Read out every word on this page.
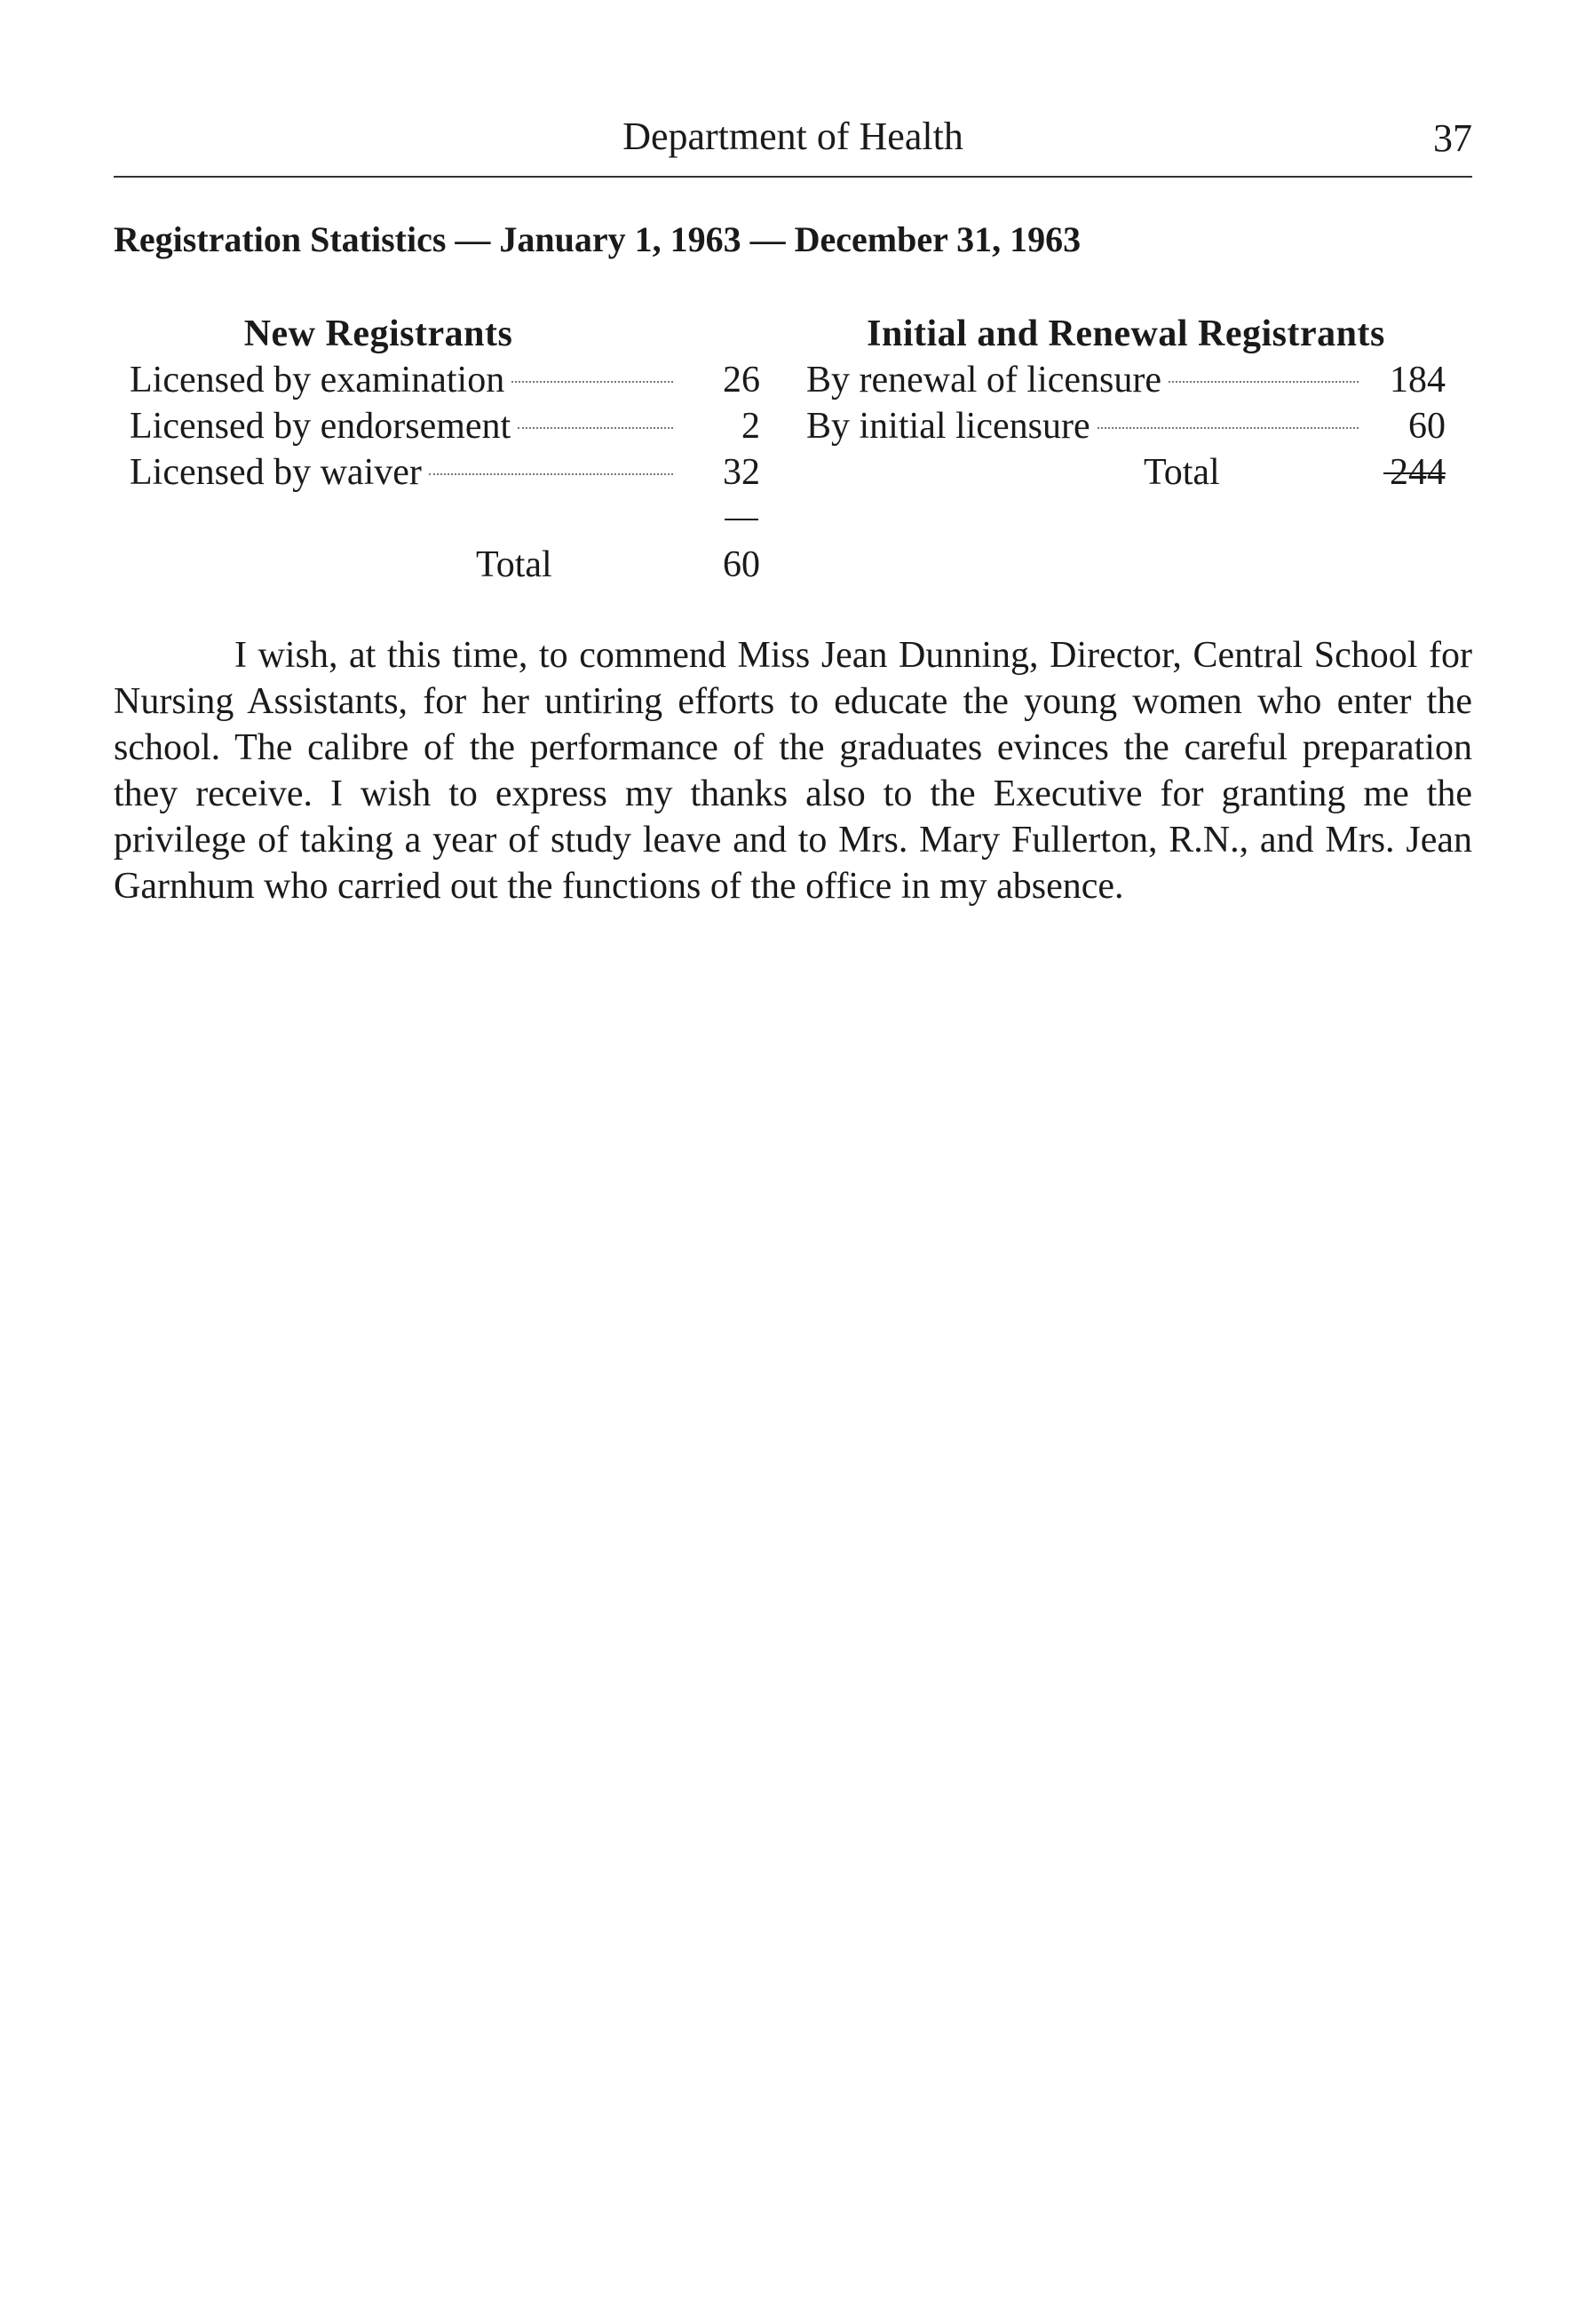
Department of Health	37
Registration Statistics — January 1, 1963 — December 31, 1963
New Registrants
Licensed by examination	26
Licensed by endorsement	2
Licensed by waiver	32
Total	60
Initial and Renewal Registrants
By renewal of licensure	184
By initial licensure	60
Total	244
I wish, at this time, to commend Miss Jean Dunning, Director, Central School for Nursing Assistants, for her untiring efforts to educate the young women who enter the school. The calibre of the performance of the graduates evinces the careful preparation they receive. I wish to express my thanks also to the Executive for granting me the privilege of taking a year of study leave and to Mrs. Mary Fullerton, R.N., and Mrs. Jean Garnhum who carried out the functions of the office in my absence.
